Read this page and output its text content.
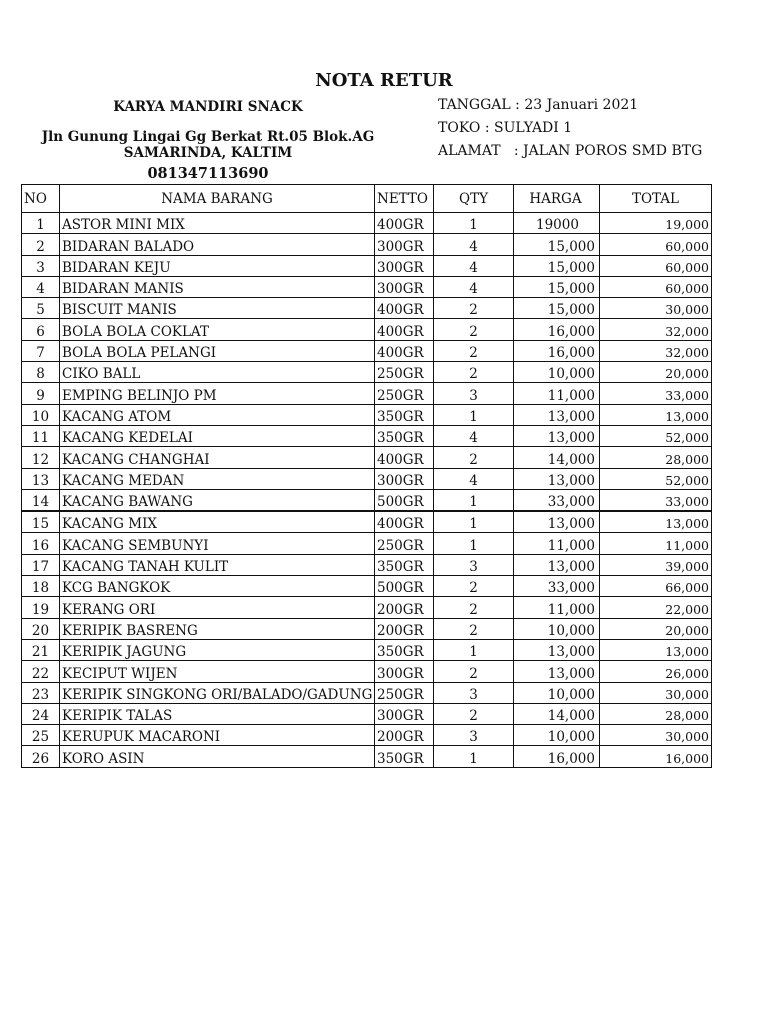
NOTA RETUR
KARYA MANDIRI SNACK
Jln Gunung Lingai Gg Berkat Rt.05 Blok.AG
SAMARINDA, KALTIM
081347113690
TANGGAL : 23 Januari 2021
TOKO : SULYADI 1
ALAMAT   : JALAN POROS SMD BTG
NO	NAMA BARANG	NETTO	QTY	HARGA	TOTAL
1	ASTOR MINI MIX	400GR	1	19000	19,000
2	BIDARAN BALADO	300GR	4	15,000	60,000
3	BIDARAN KEJU	300GR	4	15,000	60,000
4	BIDARAN MANIS	300GR	4	15,000	60,000
5	BISCUIT MANIS	400GR	2	15,000	30,000
6	BOLA BOLA COKLAT	400GR	2	16,000	32,000
7	BOLA BOLA PELANGI	400GR	2	16,000	32,000
8	CIKO BALL	250GR	2	10,000	20,000
9	EMPING BELINJO PM	250GR	3	11,000	33,000
10	KACANG ATOM	350GR	1	13,000	13,000
11	KACANG KEDELAI	350GR	4	13,000	52,000
12	KACANG CHANGHAI	400GR	2	14,000	28,000
13	KACANG MEDAN	300GR	4	13,000	52,000
14	KACANG BAWANG	500GR	1	33,000	33,000
15	KACANG MIX	400GR	1	13,000	13,000
16	KACANG SEMBUNYI	250GR	1	11,000	11,000
17	KACANG TANAH KULIT	350GR	3	13,000	39,000
18	KCG BANGKOK	500GR	2	33,000	66,000
19	KERANG ORI	200GR	2	11,000	22,000
20	KERIPIK BASRENG	200GR	2	10,000	20,000
21	KERIPIK JAGUNG	350GR	1	13,000	13,000
22	KECIPUT WIJEN	300GR	2	13,000	26,000
23	KERIPIK SINGKONG ORI/BALADO/GADUNG	250GR	3	10,000	30,000
24	KERIPIK TALAS	300GR	2	14,000	28,000
25	KERUPUK MACARONI	200GR	3	10,000	30,000
26	KORO ASIN	350GR	1	16,000	16,000
